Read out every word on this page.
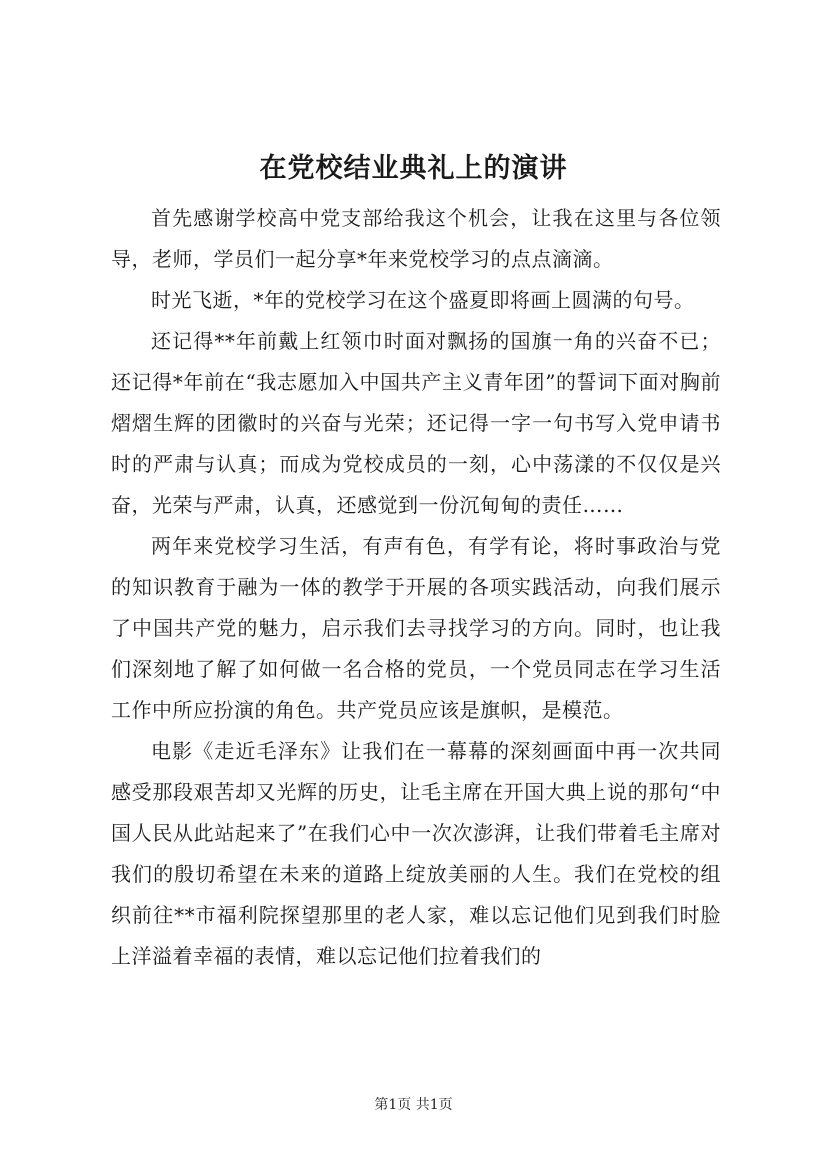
在党校结业典礼上的演讲

首先感谢学校高中党支部给我这个机会，让我在这里与各位领导，老师，学员们一起分享*年来党校学习的点点滴滴。

时光飞逝，*年的党校学习在这个盛夏即将画上圆满的句号。

还记得**年前戴上红领巾时面对飘扬的国旗一角的兴奋不已；还记得*年前在“我志愿加入中国共产主义青年团”的誓词下面对胸前熠熠生辉的团徽时的兴奋与光荣；还记得一字一句书写入党申请书时的严肃与认真；而成为党校成员的一刻，心中荡漾的不仅仅是兴奋，光荣与严肃，认真，还感觉到一份沉甸甸的责任……

两年来党校学习生活，有声有色，有学有论，将时事政治与党的知识教育于融为一体的教学于开展的各项实践活动，向我们展示了中国共产党的魅力，启示我们去寻找学习的方向。同时，也让我们深刻地了解了如何做一名合格的党员，一个党员同志在学习生活工作中所应扮演的角色。共产党员应该是旗帜，是模范。

电影《走近毛泽东》让我们在一幕幕的深刻画面中再一次共同感受那段艰苦却又光辉的历史，让毛主席在开国大典上说的那句“中国人民从此站起来了”在我们心中一次次澎湃，让我们带着毛主席对我们的殷切希望在未来的道路上绽放美丽的人生。我们在党校的组织前往**市福利院探望那里的老人家，难以忘记他们见到我们时脸上洋溢着幸福的表情，难以忘记他们拉着我们的

第1页 共1页
